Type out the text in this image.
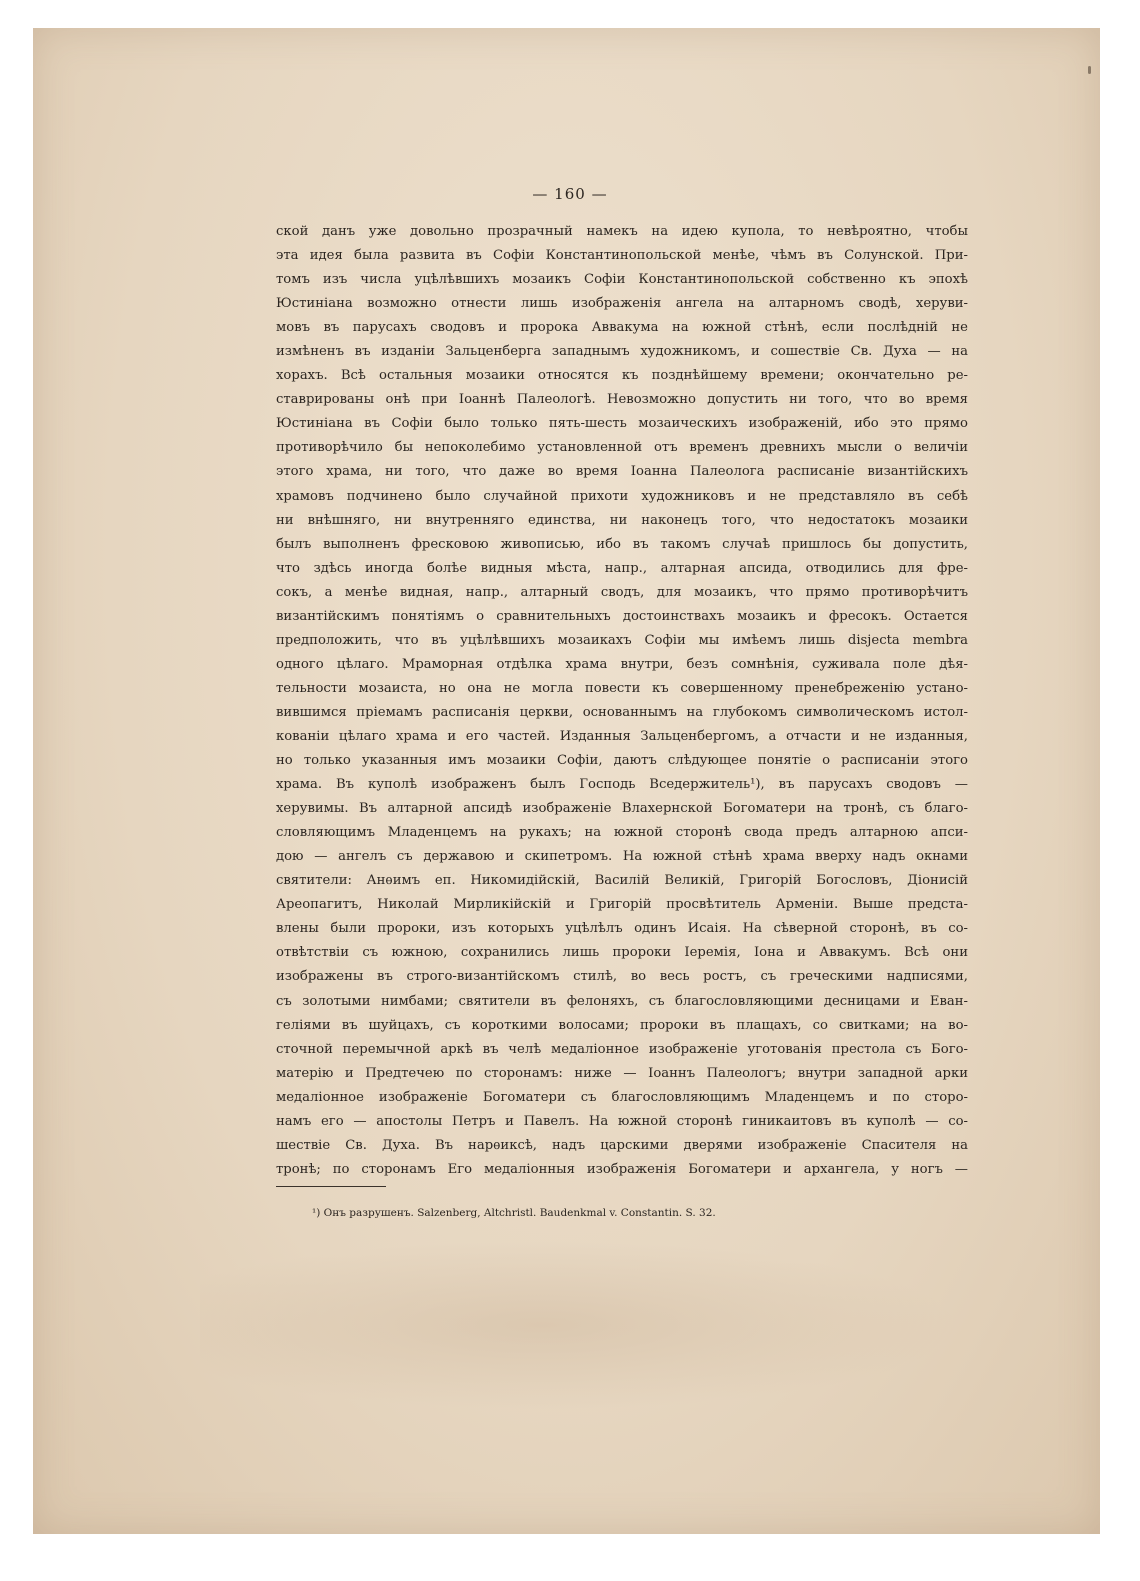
— 160 —
ской данъ уже довольно прозрачный намекъ на идею купола, то невѣроятно, чтобы
эта идея была развита въ Софіи Константинопольской менѣе, чѣмъ въ Солунской. При-
томъ изъ числа уцѣлѣвшихъ мозаикъ Софіи Константинопольской собственно къ эпохѣ
Юстиніана возможно отнести лишь изображенія ангела на алтарномъ сводѣ, херуви-
мовъ въ парусахъ сводовъ и пророка Аввакума на южной стѣнѣ, если послѣдній не
измѣненъ въ изданіи Зальценберга западнымъ художникомъ, и сошествіе Св. Духа — на
хорахъ. Всѣ остальныя мозаики относятся къ позднѣйшему времени; окончательно ре-
ставрированы онѣ при Іоаннѣ Палеологѣ. Невозможно допустить ни того, что во время
Юстиніана въ Софіи было только пять-шесть мозаическихъ изображеній, ибо это прямо
противорѣчило бы непоколебимо установленной отъ временъ древнихъ мысли о величіи
этого храма, ни того, что даже во время Іоанна Палеолога расписаніе византійскихъ
храмовъ подчинено было случайной прихоти художниковъ и не представляло въ себѣ
ни внѣшняго, ни внутренняго единства, ни наконецъ того, что недостатокъ мозаики
былъ выполненъ фресковою живописью, ибо въ такомъ случаѣ пришлось бы допустить,
что здѣсь иногда болѣе видныя мѣста, напр., алтарная апсида, отводились для фре-
сокъ, а менѣе видная, напр., алтарный сводъ, для мозаикъ, что прямо противорѣчитъ
византійскимъ понятіямъ о сравнительныхъ достоинствахъ мозаикъ и фресокъ. Остается
предположить, что въ уцѣлѣвшихъ мозаикахъ Софіи мы имѣемъ лишь disjecta membra
одного цѣлаго. Мраморная отдѣлка храма внутри, безъ сомнѣнія, суживала поле дѣя-
тельности мозаиста, но она не могла повести къ совершенному пренебреженію устано-
вившимся пріемамъ расписанія церкви, основаннымъ на глубокомъ символическомъ истол-
кованіи цѣлаго храма и его частей. Изданныя Зальценбергомъ, а отчасти и не изданныя,
но только указанныя имъ мозаики Софіи, даютъ слѣдующее понятіе о расписаніи этого
храма. Въ куполѣ изображенъ былъ Господь Вседержитель¹), въ парусахъ сводовъ —
херувимы. Въ алтарной апсидѣ изображеніе Влахернской Богоматери на тронѣ, съ благо-
словляющимъ Младенцемъ на рукахъ; на южной сторонѣ свода предъ алтарною апси-
дою — ангелъ съ державою и скипетромъ. На южной стѣнѣ храма вверху надъ окнами
святители: Анѳимъ еп. Никомидійскій, Василій Великій, Григорій Богословъ, Діонисій
Ареопагитъ, Николай Мирликійскій и Григорій просвѣтитель Арменіи. Выше предста-
влены были пророки, изъ которыхъ уцѣлѣлъ одинъ Исаія. На сѣверной сторонѣ, въ со-
отвѣтствіи съ южною, сохранились лишь пророки Іеремія, Іона и Аввакумъ. Всѣ они
изображены въ строго-византійскомъ стилѣ, во весь ростъ, съ греческими надписями,
съ золотыми нимбами; святители въ фелоняхъ, съ благословляющими десницами и Еван-
геліями въ шуйцахъ, съ короткими волосами; пророки въ плащахъ, со свитками; на во-
сточной перемычной аркѣ въ челѣ медаліонное изображеніе уготованія престола съ Бого-
матерію и Предтечею по сторонамъ: ниже — Іоаннъ Палеологъ; внутри западной арки
медаліонное изображеніе Богоматери съ благословляющимъ Младенцемъ и по сторо-
намъ его — апостолы Петръ и Павелъ. На южной сторонѣ гиникаитовъ въ куполѣ — со-
шествіе Св. Духа. Въ нарѳиксѣ, надъ царскими дверями изображеніе Спасителя на
тронѣ; по сторонамъ Его медаліонныя изображенія Богоматери и архангела, у ногъ —
¹) Онъ разрушенъ. Salzenberg, Altchristl. Baudenkmal v. Constantin. S. 32.
